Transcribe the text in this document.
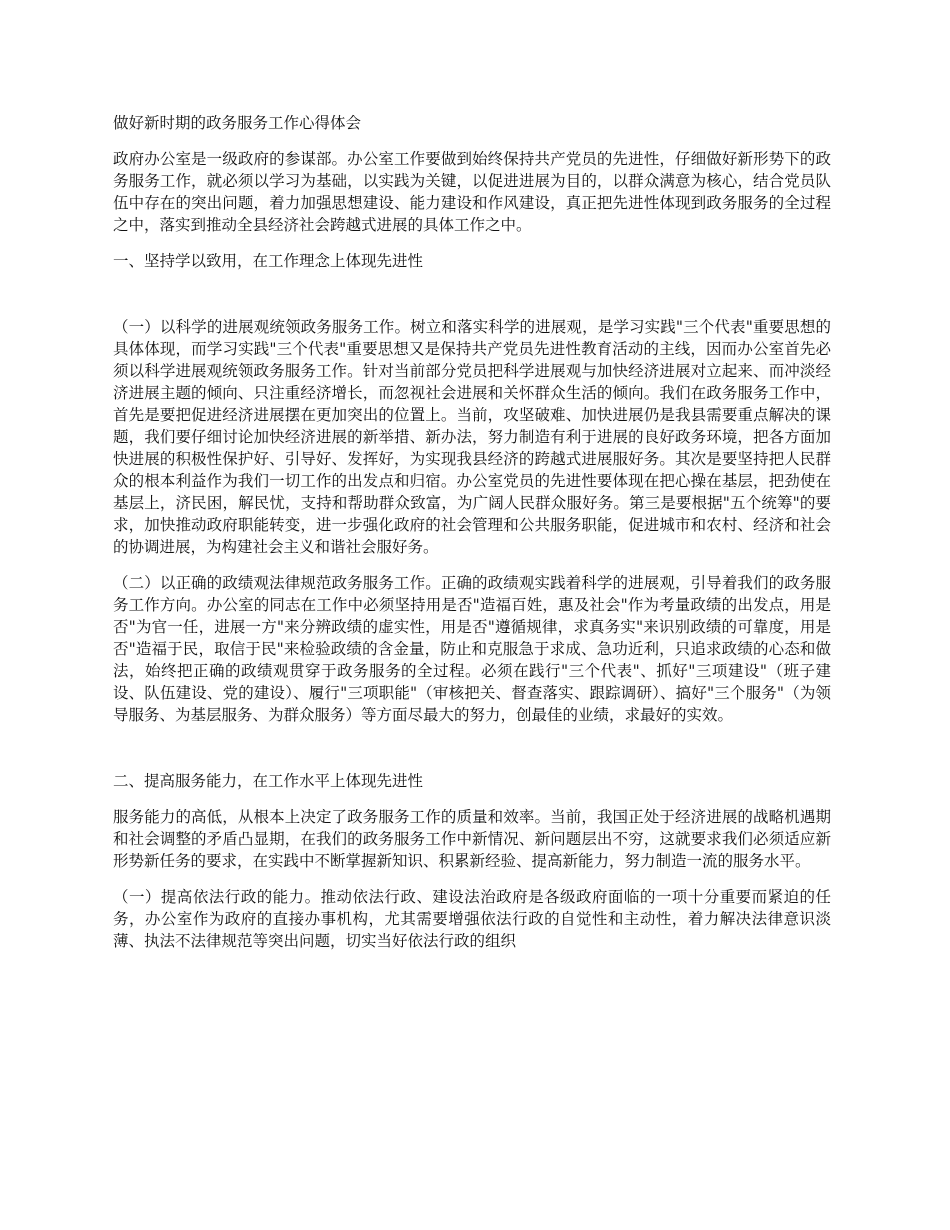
做好新时期的政务服务工作心得体会

政府办公室是一级政府的参谋部。办公室工作要做到始终保持共产党员的先进性，仔细做好新形势下的政务服务工作，就必须以学习为基础，以实践为关键，以促进进展为目的，以群众满意为核心，结合党员队伍中存在的突出问题，着力加强思想建设、能力建设和作风建设，真正把先进性体现到政务服务的全过程之中，落实到推动全县经济社会跨越式进展的具体工作之中。

一、坚持学以致用，在工作理念上体现先进性

（一）以科学的进展观统领政务服务工作。树立和落实科学的进展观，是学习实践"三个代表"重要思想的具体体现，而学习实践"三个代表"重要思想又是保持共产党员先进性教育活动的主线，因而办公室首先必须以科学进展观统领政务服务工作。针对当前部分党员把科学进展观与加快经济进展对立起来、而冲淡经济进展主题的倾向、只注重经济增长，而忽视社会进展和关怀群众生活的倾向。我们在政务服务工作中，首先是要把促进经济进展摆在更加突出的位置上。当前，攻坚破难、加快进展仍是我县需要重点解决的课题，我们要仔细讨论加快经济进展的新举措、新办法，努力制造有利于进展的良好政务环境，把各方面加快进展的积极性保护好、引导好、发挥好，为实现我县经济的跨越式进展服好务。其次是要坚持把人民群众的根本利益作为我们一切工作的出发点和归宿。办公室党员的先进性要体现在把心操在基层，把劲使在基层上，济民困，解民忧，支持和帮助群众致富，为广阔人民群众服好务。第三是要根据"五个统筹"的要求，加快推动政府职能转变，进一步强化政府的社会管理和公共服务职能，促进城市和农村、经济和社会的协调进展，为构建社会主义和谐社会服好务。

（二）以正确的政绩观法律规范政务服务工作。正确的政绩观实践着科学的进展观，引导着我们的政务服务工作方向。办公室的同志在工作中必须坚持用是否"造福百姓，惠及社会"作为考量政绩的出发点，用是否"为官一任，进展一方"来分辨政绩的虚实性，用是否"遵循规律，求真务实"来识别政绩的可靠度，用是否"造福于民，取信于民"来检验政绩的含金量，防止和克服急于求成、急功近利，只追求政绩的心态和做法，始终把正确的政绩观贯穿于政务服务的全过程。必须在践行"三个代表"、抓好"三项建设"（班子建设、队伍建设、党的建设）、履行"三项职能"（审核把关、督查落实、跟踪调研）、搞好"三个服务"（为领导服务、为基层服务、为群众服务）等方面尽最大的努力，创最佳的业绩，求最好的实效。

二、提高服务能力，在工作水平上体现先进性

服务能力的高低，从根本上决定了政务服务工作的质量和效率。当前，我国正处于经济进展的战略机遇期和社会调整的矛盾凸显期，在我们的政务服务工作中新情况、新问题层出不穷，这就要求我们必须适应新形势新任务的要求，在实践中不断掌握新知识、积累新经验、提高新能力，努力制造一流的服务水平。

（一）提高依法行政的能力。推动依法行政、建设法治政府是各级政府面临的一项十分重要而紧迫的任务，办公室作为政府的直接办事机构，尤其需要增强依法行政的自觉性和主动性，着力解决法律意识淡薄、执法不法律规范等突出问题，切实当好依法行政的组织
